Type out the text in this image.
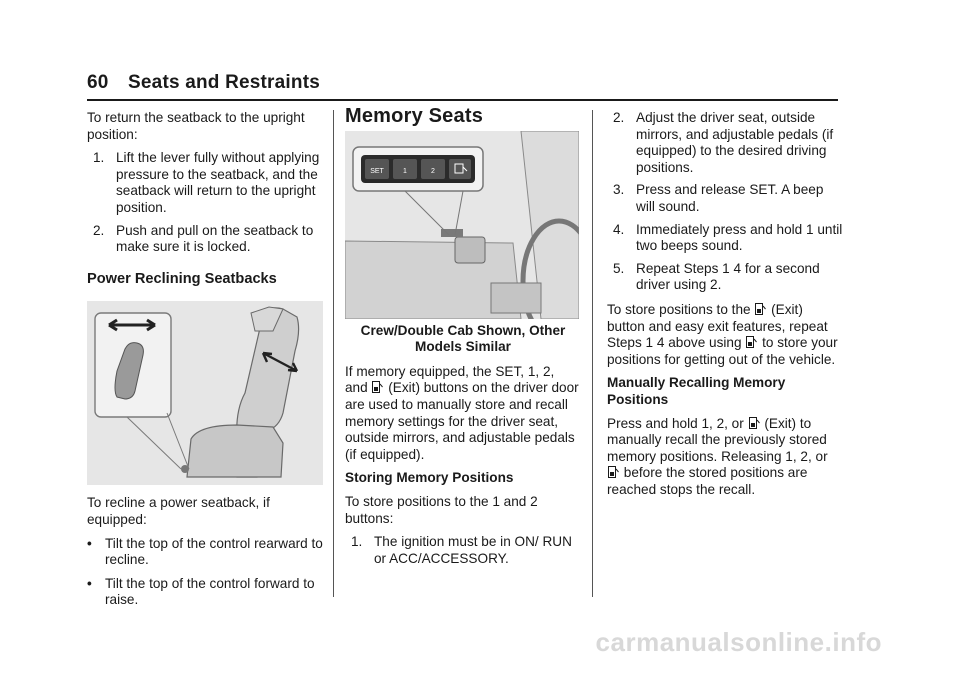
60 Seats and Restraints

To return the seatback to the upright position:

1. Lift the lever fully without applying pressure to the seatback, and the seatback will return to the upright position.
2. Push and pull on the seatback to make sure it is locked.
Power Reclining Seatbacks

To recline a power seatback, if equipped:

• Tilt the top of the control rearward to recline.
• Tilt the top of the control forward to raise.
Memory Seats
SET	1	2
Crew/Double Cab Shown, Other Models Similar

If memory equipped, the SET, 1, 2,
and (Exit) buttons on the driver door are used to manually store and recall memory settings for the driver seat, outside mirrors, and adjustable pedals (if equipped).

Storing Memory Positions

To store positions to the 1 and 2 buttons:

1. The ignition must be in ON/ RUN or ACC/ACCESSORY.
2. Adjust the driver seat, outside mirrors, and adjustable pedals (if equipped) to the desired driving positions.
3. Press and release SET. A beep will sound.
4. Immediately press and hold 1 until two beeps sound.
5. Repeat Steps 1 4 for a second driver using 2.

To store positions to the (Exit) button and easy exit features, repeat Steps 1 4 above using to store your positions for getting out of the vehicle.

Manually Recalling Memory Positions

Press and hold 1, 2, or (Exit) to manually recall the previously stored memory positions. Releasing 1, 2, or  before the stored positions are reached stops the recall.

carmanualsonline.info
